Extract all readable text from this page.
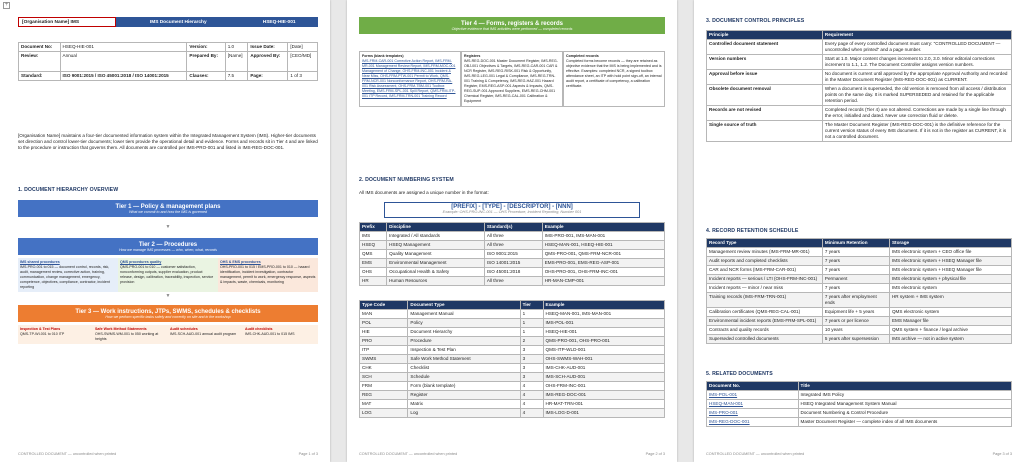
+
[Organisation Name] IMS	IMS Document Hierarchy	HSEQ-HIE-001
Document No:	HSEQ-HIE-001	Version:	1.0	Issue Date:	[Date]
Review:	Annual	Prepared By:	[Name]	Approved By:	[CEO/MD]
Standard:	ISO 9001:2015 / ISO 45001:2018 / ISO 14001:2015	Clauses:	7.5	Page:	1 of 3
[Organisation Name] maintains a four-tier documented information system within the Integrated Management System (IMS). Higher-tier documents set direction and control lower-tier documents; lower tiers provide the operational detail and evidence. Forms and records sit in Tier 4 and are linked to the procedure or instruction that governs them. All documents are controlled per IMS-PRO-001 and listed in IMS-REG-DOC-001.
1. DOCUMENT HIERARCHY OVERVIEW
Tier 1 — Policy & management plans
What we commit to and how the IMS is governed
▼
Tier 2 — Procedures
How we manage IMS processes — who, when, what, records
IMS shared procedures
IMS-PRO-001 to 015 — document control, records, risk, audit, management review, corrective action, training, communication, change management, emergency, competence, objectives, compliance, contractor, incident reporting
QMS procedures quality
QMS-PRO-001 to 010 — customer satisfaction, nonconforming outputs, supplier evaluation, product release, design, calibration, traceability, inspection, service provision
OHS & EMS procedures
OHS-PRO-001 to 015 / EMS-PRO-001 to 010 — hazard identification, incident investigation, contractor management, permit to work, emergency response, aspects & impacts, waste, chemicals, monitoring
▼
Tier 3 — Work instructions, JTPs, SWMS, schedules & checklists
How we perform specific tasks safely and correctly on site and in the workshop
Inspection & Test Plans
QMS-TP-WI-001 to 010 ITP
Safe Work Method Statements
OHS-SWMS-WM-001 to 050 working at heights
Audit schedules
IMS-SCH-AUD-001 annual audit program
Audit checklists
IMS-CHK-AUD-001 to 015 IMS
CONTROLLED DOCUMENT — uncontrolled when printed	Page 1 of 3
Tier 4 — Forms, registers & records
Objective evidence that IMS activities were performed — completed records
Forms (blank templates)
IMS-FRM-CAR-001 Corrective Action Report, IMS-FRM-MR-001 Management Review Report, IMS-FRM-MOC-001 Management of Change, OHS-FRM-INC-001 Incident & Near Miss, OHS-FRM-PTW-001 Permit to Work, QMS-FRM-NCR-001 Nonconformance Report, OHS-FRM-RA-001 Risk Assessment, OHS-FRM-TBM-001 Toolbox Meeting, EMS-FRM-SPL-001 Spill Report, QMS-FRM-ITP-001 ITP Record, IMS-FRM-TRN-001 Training Record
Registers
IMS-REG-DOC-001 Master Document Register, IMS-REG-OBJ-001 Objectives & Targets, IMS-REG-CAR-001 CAR & NCR Register, IMS-REG-RISK-001 Risk & Opportunity, IMS-REG-LEG-001 Legal & Compliance, IMS-REG-TRN-001 Training & Competency, IMS-REG-HAZ-001 Hazard Register, EMS-REG-ASP-001 Aspects & Impacts, QMS-REG-SUP-001 Approved Suppliers, EMS-REG-CHM-001 Chemical Register, IMS-REG-CAL-001 Calibration & Equipment
Completed records
Completed forms become records — they are retained as objective evidence that the IMS is being implemented and is effective. Examples: completed NCR, a signed toolbox attendance sheet, an ITP with hold point sign-off, an internal audit report, a certificate of competency, a calibration certificate.
2. DOCUMENT NUMBERING SYSTEM
All IMS documents are assigned a unique number in the format:
[PREFIX] - [TYPE] - [DESCRIPTOR] - [NNN]
Example: OHS-PRO-INC-001 — OHS Procedure, Incident Reporting, Number 001
Prefix	Discipline	Standard(s)	Example
IMS	Integrated / All standards	All three	IMS-PRO-001, IMS-MAN-001
HSEQ	HSEQ Management	All three	HSEQ-MAN-001, HSEQ-HIE-001
QMS	Quality Management	ISO 9001:2015	QMS-PRO-001, QMS-FRM-NCR-001
EMS	Environmental Management	ISO 14001:2015	EMS-PRO-001, EMS-REG-ASP-001
OHS	Occupational Health & Safety	ISO 45001:2018	OHS-PRO-001, OHS-FRM-INC-001
HR	Human Resources	All three	HR-MAN-CMP-001
Type Code	Document Type	Tier	Example
MAN	Management Manual	1	HSEQ-MAN-001, IMS-MAN-001
POL	Policy	1	IMS-POL-001
HIE	Document Hierarchy	1	HSEQ-HIE-001
PRO	Procedure	2	QMS-PRO-001, OHS-PRO-001
ITP	Inspection & Test Plan	3	QMS-ITP-WLD-001
SWMS	Safe Work Method Statement	3	OHS-SWMS-WAH-001
CHK	Checklist	3	IMS-CHK-AUD-001
SCH	Schedule	3	IMS-SCH-AUD-001
FRM	Form (blank template)	4	OHS-FRM-INC-001
REG	Register	4	IMS-REG-DOC-001
MAT	Matrix	4	HR-MAT-TRN-001
LOG	Log	4	IMS-LOG-D-001
CONTROLLED DOCUMENT — uncontrolled when printed	Page 2 of 3
3. DOCUMENT CONTROL PRINCIPLES
Principle	Requirement
Controlled document statement	Every page of every controlled document must carry: "CONTROLLED DOCUMENT — uncontrolled when printed" and a page number.
Version numbers	Start at 1.0. Major content changes increment to 2.0, 3.0. Minor editorial corrections increment to 1.1, 1.2. The Document Controller assigns version numbers.
Approval before issue	No document is current until approved by the appropriate Approval Authority and recorded in the Master Document Register (IMS-REG-DOC-001) as CURRENT.
Obsolete document removal	When a document is superseded, the old version is removed from all access / distribution points on the same day. It is marked SUPERSEDED and retained for the applicable retention period.
Records are not revised	Completed records (Tier 4) are not altered. Corrections are made by a single line through the error, initialled and dated. Never use correction fluid or delete.
Single source of truth	The Master Document Register (IMS-REG-DOC-001) is the definitive reference for the current version status of every IMS document. If it is not in the register as CURRENT, it is not a controlled document.
4. RECORD RETENTION SCHEDULE
Record Type	Minimum Retention	Storage
Management review minutes (IMS-FRM-MR-001)	7 years	IMS electronic system + CEO office file
Audit reports and completed checklists	7 years	IMS electronic system + HSEQ Manager file
CAR and NCR forms (IMS-FRM-CAR-001)	7 years	IMS electronic system + HSEQ Manager file
Incident reports — serious / LTI (OHS-FRM-INC-001)	Permanent	IMS electronic system + physical file
Incident reports — minor / near miss	7 years	IMS electronic system
Training records (IMS-FRM-TRN-001)	7 years after employment ends	HR system + IMS system
Calibration certificates (QMS-REG-CAL-001)	Equipment life + 5 years	QMS electronic system
Environmental incident reports (EMS-FRM-SPL-001)	7 years or per licence	EMS Manager file
Contracts and quality records	10 years	QMS system + finance / legal archive
Superseded controlled documents	5 years after supersession	IMS archive — not in active system
5. RELATED DOCUMENTS
Document No.	Title
IMS-POL-001	Integrated IMS Policy
HSEQ-MAN-001	HSEQ Integrated Management System Manual
IMS-PRO-001	Document Numbering & Control Procedure
IMS-REG-DOC-001	Master Document Register — complete index of all IMS documents
CONTROLLED DOCUMENT — uncontrolled when printed	Page 3 of 3
